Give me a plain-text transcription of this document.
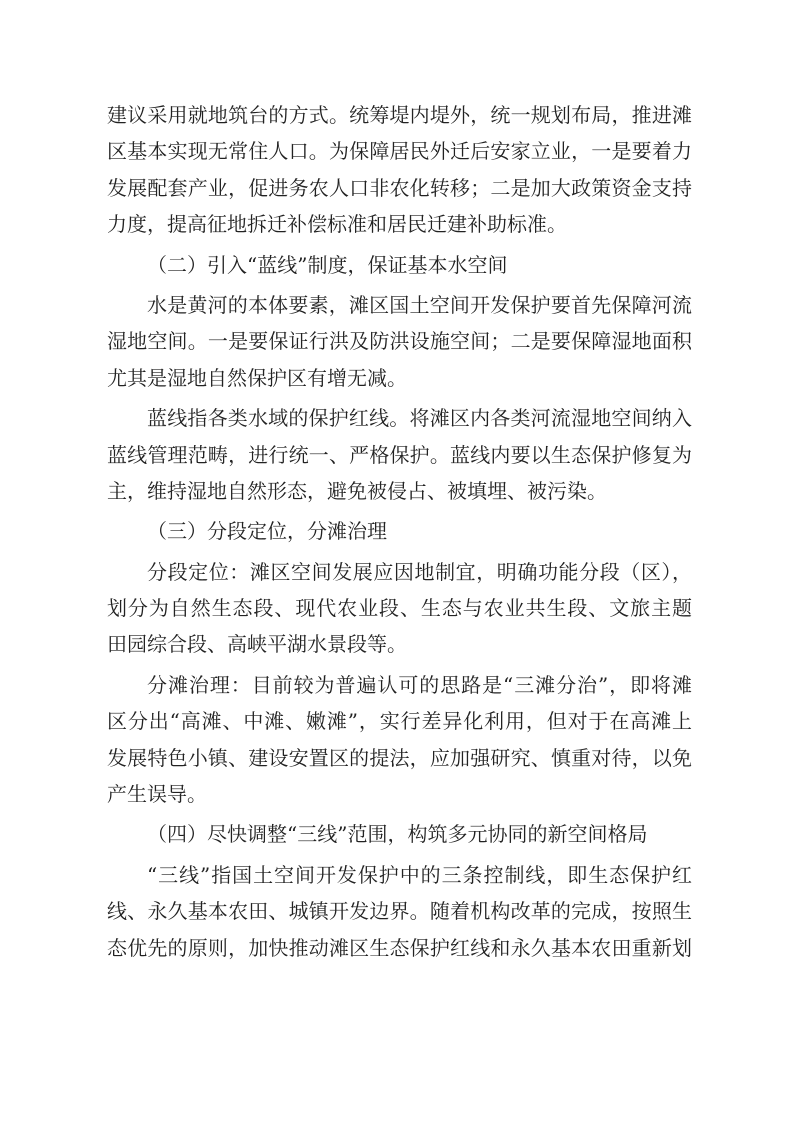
建议采用就地筑台的方式。统筹堤内堤外，统一规划布局，推进滩
区基本实现无常住人口。为保障居民外迁后安家立业，一是要着力
发展配套产业，促进务农人口非农化转移；二是加大政策资金支持
力度，提高征地拆迁补偿标准和居民迁建补助标准。
（二）引入“蓝线”制度，保证基本水空间
水是黄河的本体要素，滩区国土空间开发保护要首先保障河流
湿地空间。一是要保证行洪及防洪设施空间；二是要保障湿地面积
尤其是湿地自然保护区有增无减。
蓝线指各类水域的保护红线。将滩区内各类河流湿地空间纳入
蓝线管理范畴，进行统一、严格保护。蓝线内要以生态保护修复为
主，维持湿地自然形态，避免被侵占、被填埋、被污染。
（三）分段定位，分滩治理
分段定位：滩区空间发展应因地制宜，明确功能分段（区），
划分为自然生态段、现代农业段、生态与农业共生段、文旅主题
田园综合段、高峡平湖水景段等。
分滩治理：目前较为普遍认可的思路是“三滩分治”，即将滩
区分出“高滩、中滩、嫩滩”，实行差异化利用，但对于在高滩上
发展特色小镇、建设安置区的提法，应加强研究、慎重对待，以免
产生误导。
（四）尽快调整“三线”范围，构筑多元协同的新空间格局
“三线”指国土空间开发保护中的三条控制线，即生态保护红
线、永久基本农田、城镇开发边界。随着机构改革的完成，按照生
态优先的原则，加快推动滩区生态保护红线和永久基本农田重新划
